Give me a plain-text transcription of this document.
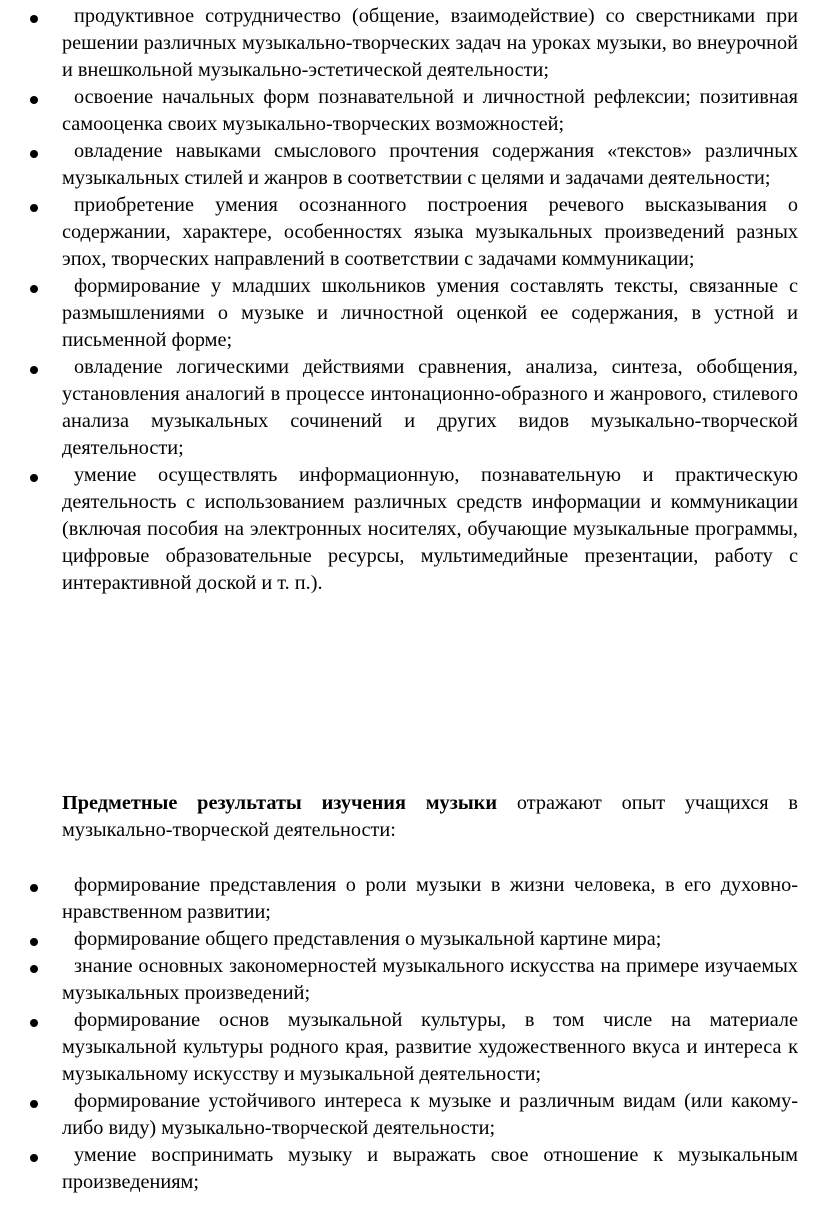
продуктивное сотрудничество (общение, взаимодействие) со сверстниками при решении различных музыкально-творческих задач на уроках музыки, во внеурочной и внешкольной музыкально-эстетической деятельности;
освоение начальных форм познавательной и личностной рефлексии; позитивная самооценка своих музыкально-творческих возможностей;
овладение навыками смыслового прочтения содержания «текстов» различных музыкальных стилей и жанров в соответствии с целями и задачами деятельности;
приобретение умения осознанного построения речевого высказывания о содержании, характере, особенностях языка музыкальных произведений разных эпох, творческих направлений в соответствии с задачами коммуникации;
формирование у младших школьников умения составлять тексты, связанные с размышлениями о музыке и личностной оценкой ее содержания, в устной и письменной форме;
овладение логическими действиями сравнения, анализа, синтеза, обобщения, установления аналогий в процессе интонационно-образного и жанрового, стилевого анализа музыкальных сочинений и других видов музыкально-творческой деятельности;
умение осуществлять информационную, познавательную и практическую деятельность с использованием различных средств информации и коммуникации (включая пособия на электронных носителях, обучающие музыкальные программы, цифровые образовательные ресурсы, мультимедийные презентации, работу с интерактивной доской и т. п.).

Предметные результаты изучения музыки отражают опыт учащихся в музыкально-творческой деятельности:

формирование представления о роли музыки в жизни человека, в его духовно-нравственном развитии;
формирование общего представления о музыкальной картине мира;
знание основных закономерностей музыкального искусства на примере изучаемых музыкальных произведений;
формирование основ музыкальной культуры, в том числе на материале музыкальной культуры родного края, развитие художественного вкуса и интереса к музыкальному искусству и музыкальной деятельности;
формирование устойчивого интереса к музыке и различным видам (или какому-либо виду) музыкально-творческой деятельности;
умение воспринимать музыку и выражать свое отношение к музыкальным произведениям;
